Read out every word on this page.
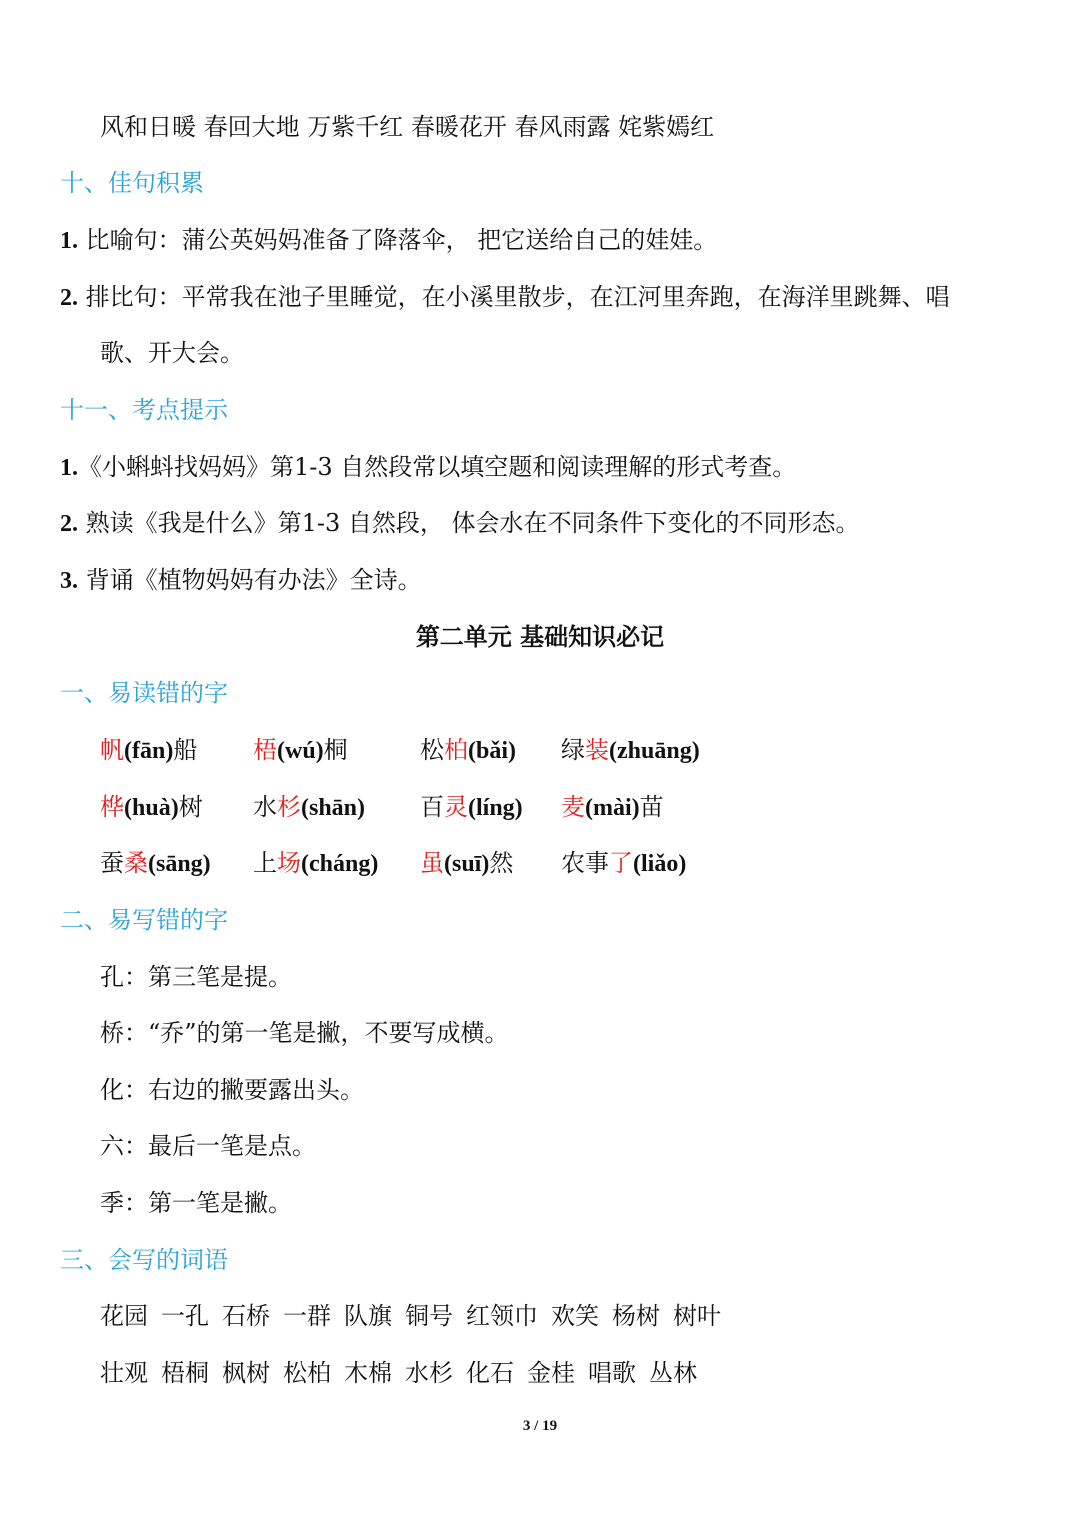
风和日暖 春回大地 万紫千红 春暖花开 春风雨露 姹紫嫣红
十、佳句积累
1. 比喻句：蒲公英妈妈准备了降落伞， 把它送给自己的娃娃。
2. 排比句：平常我在池子里睡觉，在小溪里散步，在江河里奔跑，在海洋里跳舞、唱
歌、开大会。
十一、考点提示
1.《小蝌蚪找妈妈》第1-3 自然段常以填空题和阅读理解的形式考查。
2. 熟读《我是什么》第1-3 自然段， 体会水在不同条件下变化的不同形态。
3. 背诵《植物妈妈有办法》全诗。
第二单元 基础知识必记
一、易读错的字
帆(fān)船 梧(wú)桐	松柏(bǎi) 绿装(zhuāng)
桦(huà)树 水杉(shān) 百灵(líng) 麦(mài)苗
蚕桑(sāng) 上场(cháng) 虽(suī)然 农事了(liǎo)
二、易写错的字
孔：第三笔是提。
桥：“乔”的第一笔是撇，不要写成横。
化：右边的撇要露出头。
六：最后一笔是点。
季：第一笔是撇。
三、会写的词语
花园 一孔 石桥 一群 队旗 铜号 红领巾 欢笑 杨树 树叶
壮观 梧桐 枫树 松柏 木棉 水杉 化石 金桂 唱歌 丛林
3 / 19
